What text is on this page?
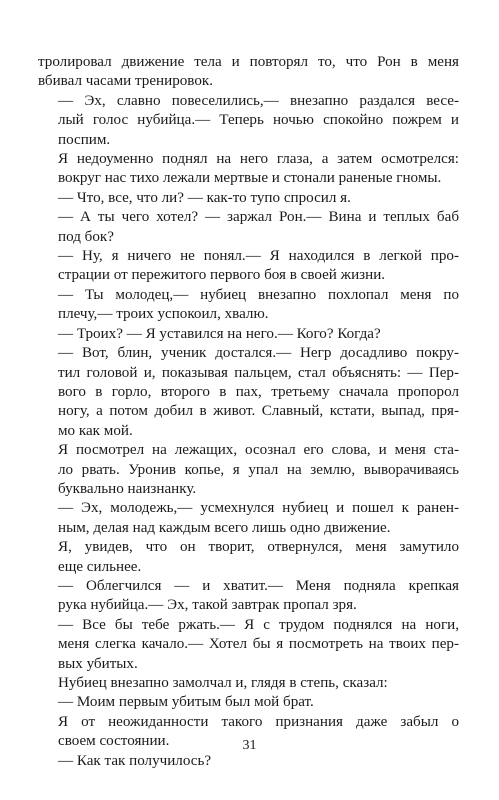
тролировал движение тела и повторял то, что Рон в меня
вбивал часами тренировок.

— Эх, славно повеселились,— внезапно раздался весе-
лый голос нубийца.— Теперь ночью спокойно пожрем и
поспим.

Я недоуменно поднял на него глаза, а затем осмотрелся:
вокруг нас тихо лежали мертвые и стонали раненые гномы.

— Что, все, что ли? — как-то тупо спросил я.

— А ты чего хотел? — заржал Рон.— Вина и теплых баб
под бок?

— Ну, я ничего не понял.— Я находился в легкой про-
страции от пережитого первого боя в своей жизни.

— Ты молодец,— нубиец внезапно похлопал меня по
плечу,— троих успокоил, хвалю.

— Троих? — Я уставился на него.— Кого? Когда?

— Вот, блин, ученик достался.— Негр досадливо покру-
тил головой и, показывая пальцем, стал объяснять: — Пер-
вого в горло, второго в пах, третьему сначала пропорол
ногу, а потом добил в живот. Славный, кстати, выпад, пря-
мо как мой.

Я посмотрел на лежащих, осознал его слова, и меня ста-
ло рвать. Уронив копье, я упал на землю, выворачиваясь
буквально наизнанку.

— Эх, молодежь,— усмехнулся нубиец и пошел к ранен-
ным, делая над каждым всего лишь одно движение.

Я, увидев, что он творит, отвернулся, меня замутило
еще сильнее.

— Облегчился — и хватит.— Меня подняла крепкая
рука нубийца.— Эх, такой завтрак пропал зря.

— Все бы тебе ржать.— Я с трудом поднялся на ноги,
меня слегка качало.— Хотел бы я посмотреть на твоих пер-
вых убитых.

Нубиец внезапно замолчал и, глядя в степь, сказал:

— Моим первым убитым был мой брат.

Я от неожиданности такого признания даже забыл о
своем состоянии.

— Как так получилось?

31
